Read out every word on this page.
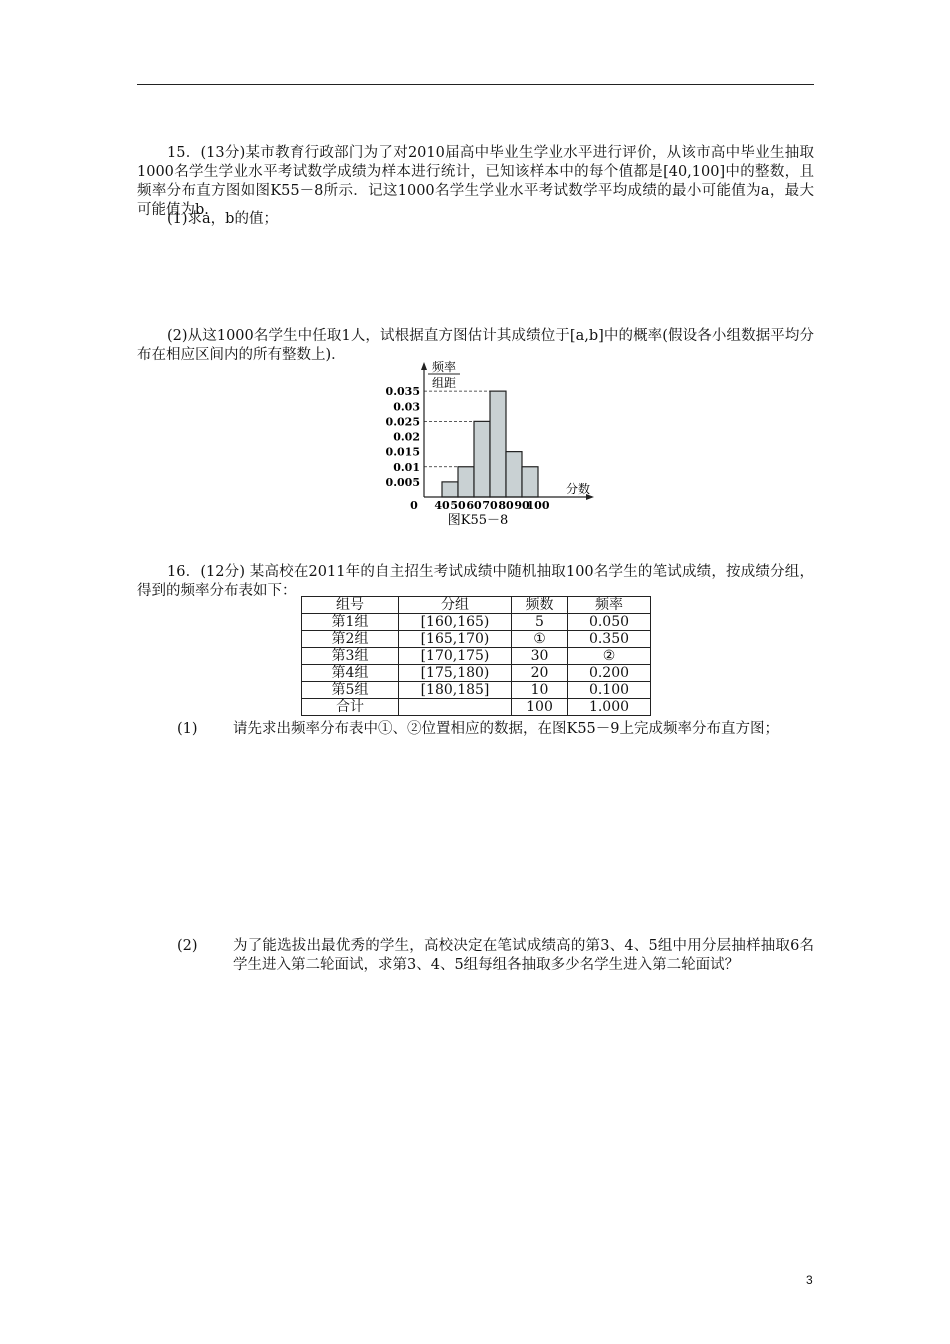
15．(13分)某市教育行政部门为了对2010届高中毕业生学业水平进行评价，从该市高中毕业生抽取1000名学生学业水平考试数学成绩为样本进行统计，已知该样本中的每个值都是[40,100]中的整数，且频率分布直方图如图K55－8所示．记这1000名学生学业水平考试数学平均成绩的最小可能值为a，最大可能值为b.

(1)求a，b的值；

(2)从这1000名学生中任取1人，试根据直方图估计其成绩位于[a,b]中的概率(假设各小组数据平均分布在相应区间内的所有整数上)．

0.005
0.01
0.015
0.02
0.025
0.03
0.035
40 50 60 70 80 90
100
0
频率
组距
分数
图K55－8

16．(12分) 某高校在2011年的自主招生考试成绩中随机抽取100名学生的笔试成绩，按成绩分组，得到的频率分布表如下：

组号	分组	频数	频率
第1组	[160,165)	5	0.050
第2组	[165,170)	①	0.350
第3组	[170,175)	30	②
第4组	[175,180)	20	0.200
第5组	[180,185]	10	0.100
合计		100	1.000
(1) 请先求出频率分布表中①、②位置相应的数据，在图K55－9上完成频率分布直方图；
(2) 为了能选拔出最优秀的学生，高校决定在笔试成绩高的第3、4、5组中用分层抽样抽取6名学生进入第二轮面试，求第3、4、5组每组各抽取多少名学生进入第二轮面试？
3
